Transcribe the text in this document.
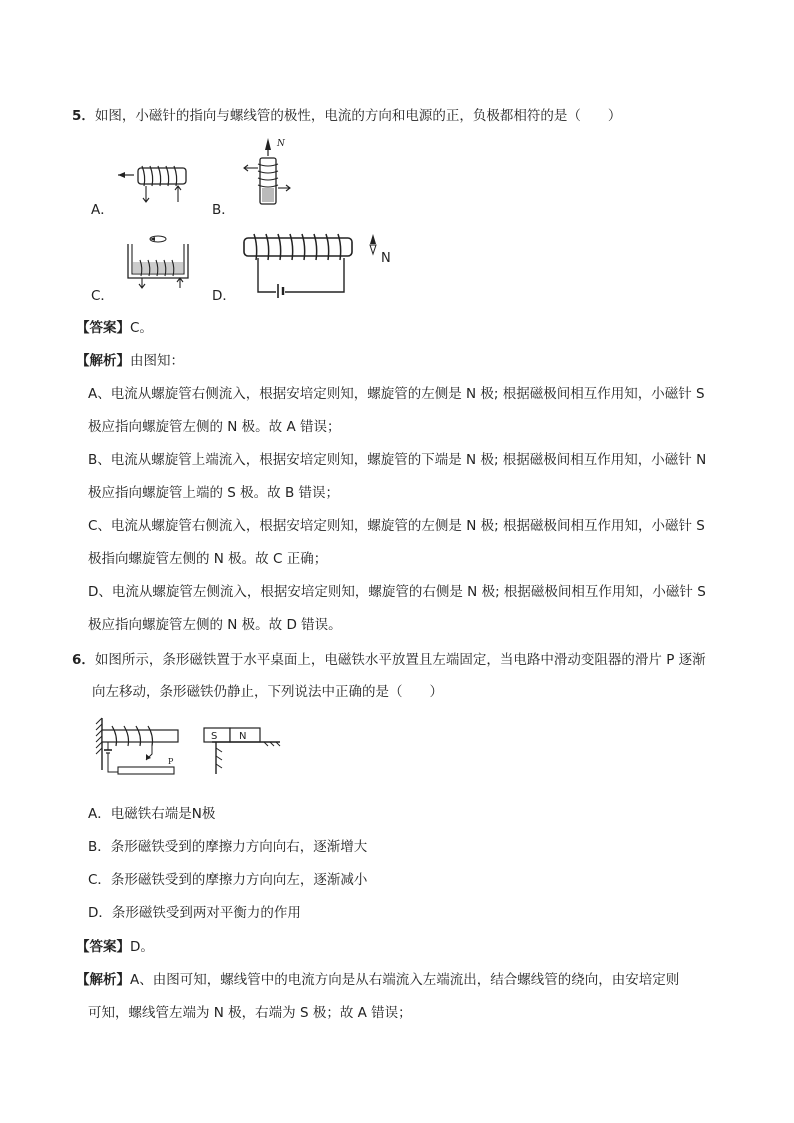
5．如图，小磁针的指向与螺线管的极性，电流的方向和电源的正，负极都相符的是（　　）
A．
N
B．
C．
N
D．
【答案】C。
【解析】由图知：
A、电流从螺旋管右侧流入，根据安培定则知，螺旋管的左侧是 N 极; 根据磁极间相互作用知，小磁针 S
极应指向螺旋管左侧的 N 极。故 A 错误；
B、电流从螺旋管上端流入，根据安培定则知，螺旋管的下端是 N 极; 根据磁极间相互作用知，小磁针 N
极应指向螺旋管上端的 S 极。故 B 错误；
C、电流从螺旋管右侧流入，根据安培定则知，螺旋管的左侧是 N 极; 根据磁极间相互作用知，小磁针 S
极指向螺旋管左侧的 N 极。故 C 正确；
D、电流从螺旋管左侧流入，根据安培定则知，螺旋管的右侧是 N 极; 根据磁极间相互作用知，小磁针 S
极应指向螺旋管左侧的 N 极。故 D 错误。
6．如图所示，条形磁铁置于水平桌面上，电磁铁水平放置且左端固定，当电路中滑动变阻器的滑片 P 逐渐
向左移动，条形磁铁仍静止，下列说法中正确的是（　　）
P
S N
A．电磁铁右端是N极
B．条形磁铁受到的摩擦力方向向右，逐渐增大
C．条形磁铁受到的摩擦力方向向左，逐渐减小
D．条形磁铁受到两对平衡力的作用
【答案】D。
【解析】A、由图可知，螺线管中的电流方向是从右端流入左端流出，结合螺线管的绕向，由安培定则
可知，螺线管左端为 N 极，右端为 S 极；故 A 错误；
